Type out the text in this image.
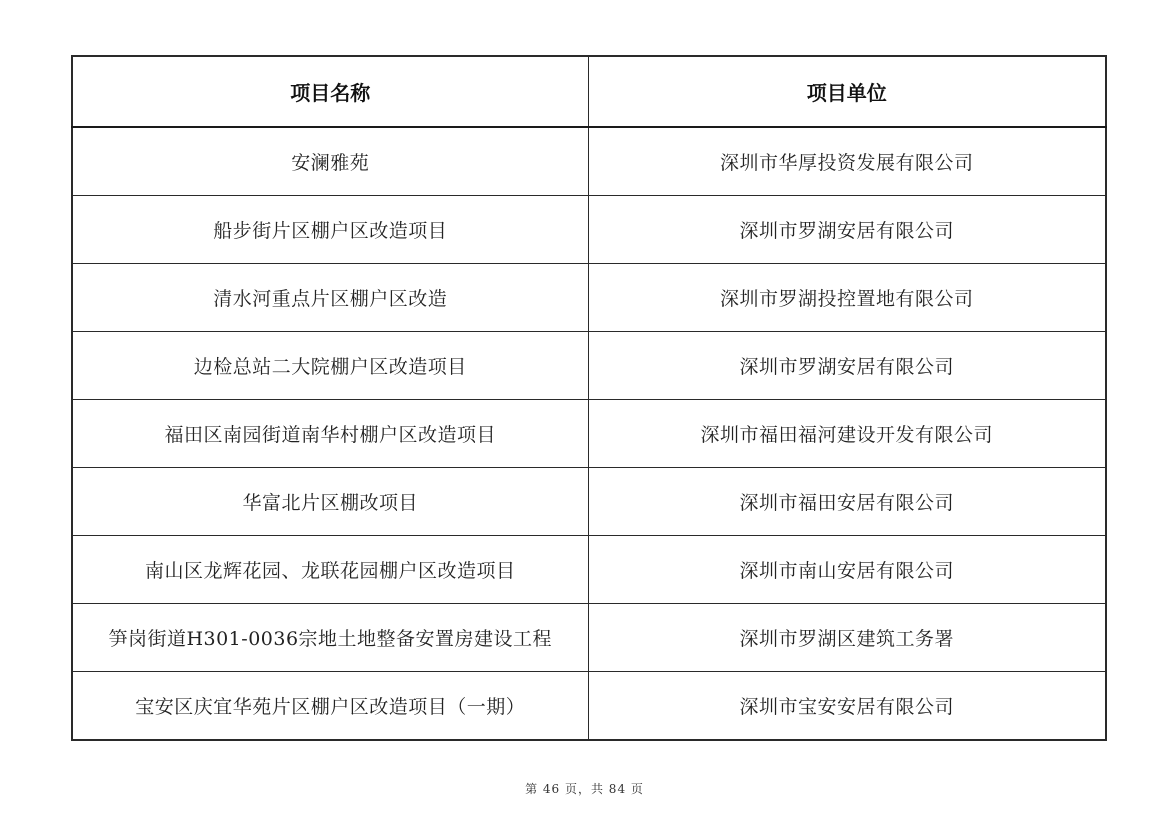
项目名称	项目单位
安澜雅苑	深圳市华厚投资发展有限公司
船步街片区棚户区改造项目	深圳市罗湖安居有限公司
清水河重点片区棚户区改造	深圳市罗湖投控置地有限公司
边检总站二大院棚户区改造项目	深圳市罗湖安居有限公司
福田区南园街道南华村棚户区改造项目	深圳市福田福河建设开发有限公司
华富北片区棚改项目	深圳市福田安居有限公司
南山区龙辉花园、龙联花园棚户区改造项目	深圳市南山安居有限公司
笋岗街道H301-0036宗地土地整备安置房建设工程	深圳市罗湖区建筑工务署
宝安区庆宜华苑片区棚户区改造项目（一期）	深圳市宝安安居有限公司
第 46 页，共 84 页
